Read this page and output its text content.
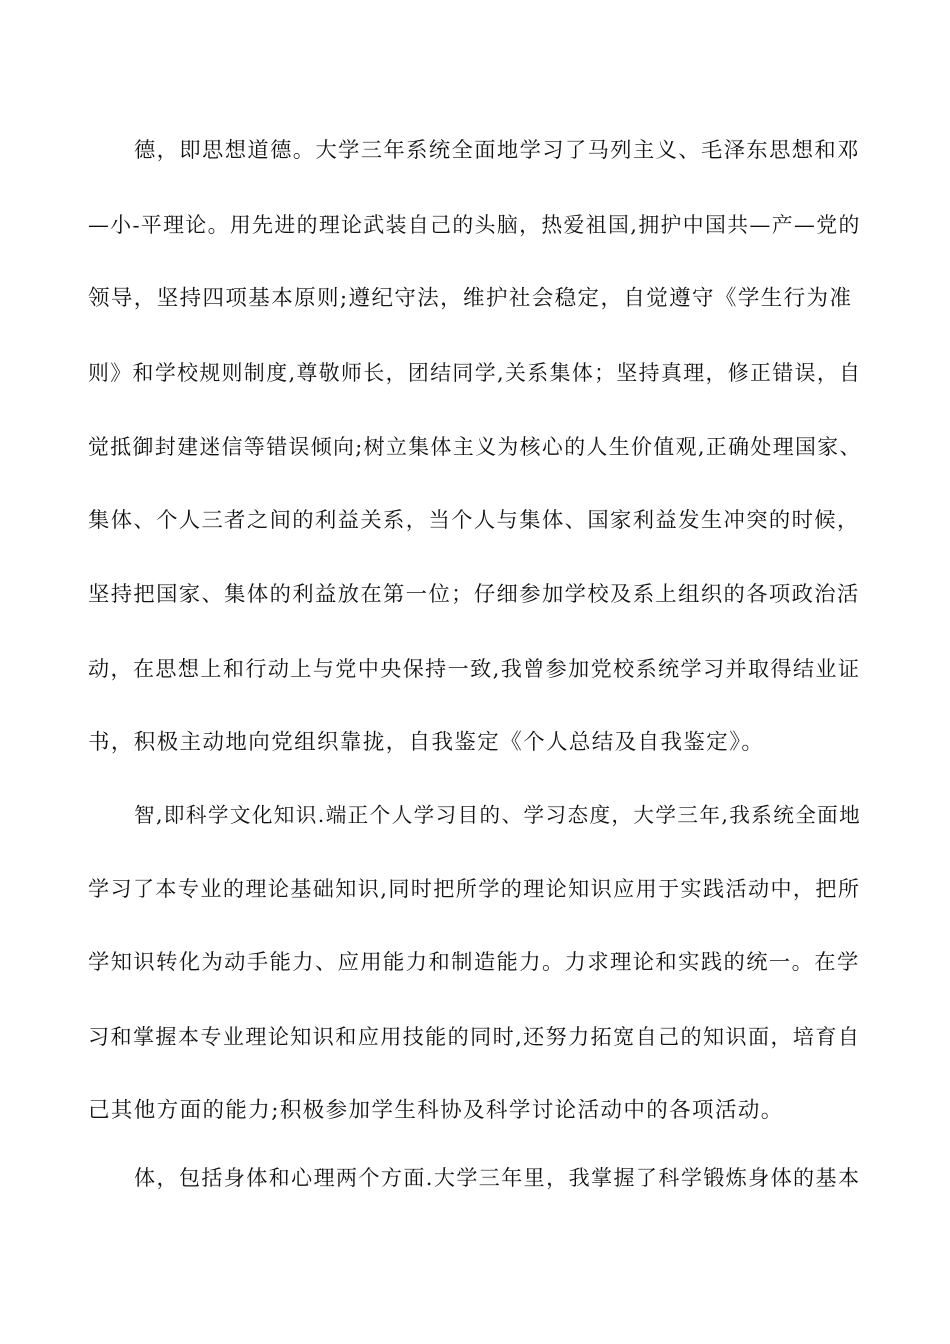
德，即思想道德。大学三年系统全面地学习了马列主义、毛泽东思想和邓
—小-平理论。用先进的理论武装自己的头脑，热爱祖国,拥护中国共—产—党的
领导，坚持四项基本原则;遵纪守法，维护社会稳定，自觉遵守《学生行为准
则》和学校规则制度,尊敬师长，团结同学,关系集体；坚持真理，修正错误，自
觉抵御封建迷信等错误倾向;树立集体主义为核心的人生价值观,正确处理国家、
集体、个人三者之间的利益关系，当个人与集体、国家利益发生冲突的时候，
坚持把国家、集体的利益放在第一位；仔细参加学校及系上组织的各项政治活
动，在思想上和行动上与党中央保持一致,我曾参加党校系统学习并取得结业证
书，积极主动地向党组织靠拢，自我鉴定《个人总结及自我鉴定》。
智,即科学文化知识.端正个人学习目的、学习态度，大学三年,我系统全面地
学习了本专业的理论基础知识,同时把所学的理论知识应用于实践活动中，把所
学知识转化为动手能力、应用能力和制造能力。力求理论和实践的统一。在学
习和掌握本专业理论知识和应用技能的同时,还努力拓宽自己的知识面，培育自
己其他方面的能力;积极参加学生科协及科学讨论活动中的各项活动。
体，包括身体和心理两个方面.大学三年里，我掌握了科学锻炼身体的基本
